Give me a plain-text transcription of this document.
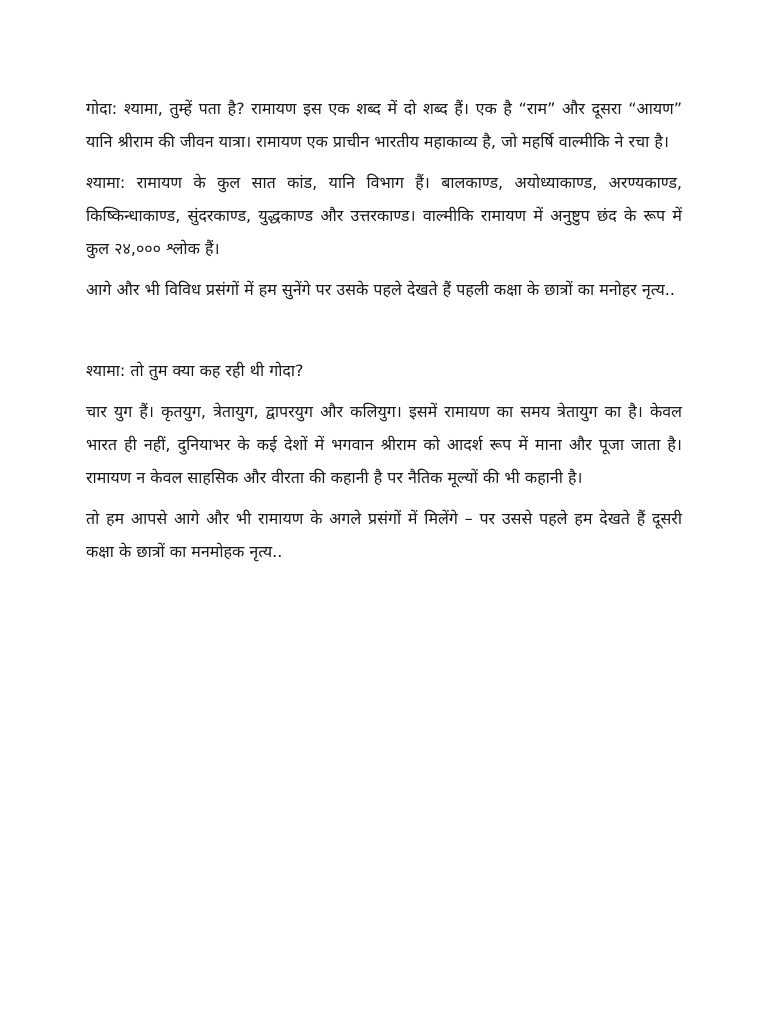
गोदा: श्यामा, तुम्हें पता है? रामायण इस एक शब्द में दो शब्द हैं। एक है “राम” और दूसरा “आयण” यानि श्रीराम की जीवन यात्रा। रामायण एक प्राचीन भारतीय महाकाव्य है, जो महर्षि वाल्मीकि ने रचा है।

श्यामा: रामायण के कुल सात कांड, यानि विभाग हैं। बालकाण्ड, अयोध्याकाण्ड, अरण्यकाण्ड, किष्किन्धाकाण्ड, सुंदरकाण्ड, युद्धकाण्ड और उत्तरकाण्ड। वाल्मीकि रामायण में अनुष्टुप छंद के रूप में कुल २४,००० श्लोक हैं।

आगे और भी विविध प्रसंगों में हम सुनेंगे पर उसके पहले देखते हैं पहली कक्षा के छात्रों का मनोहर नृत्य..

श्यामा: तो तुम क्या कह रही थी गोदा?

चार युग हैं। कृतयुग, त्रेतायुग, द्वापरयुग और कलियुग। इसमें रामायण का समय त्रेतायुग का है। केवल भारत ही नहीं, दुनियाभर के कई देशों में भगवान श्रीराम को आदर्श रूप में माना और पूजा जाता है। रामायण न केवल साहसिक और वीरता की कहानी है पर नैतिक मूल्यों की भी कहानी है।

तो हम आपसे आगे और भी रामायण के अगले प्रसंगों में मिलेंगे – पर उससे पहले हम देखते हैं दूसरी कक्षा के छात्रों का मनमोहक नृत्य..
